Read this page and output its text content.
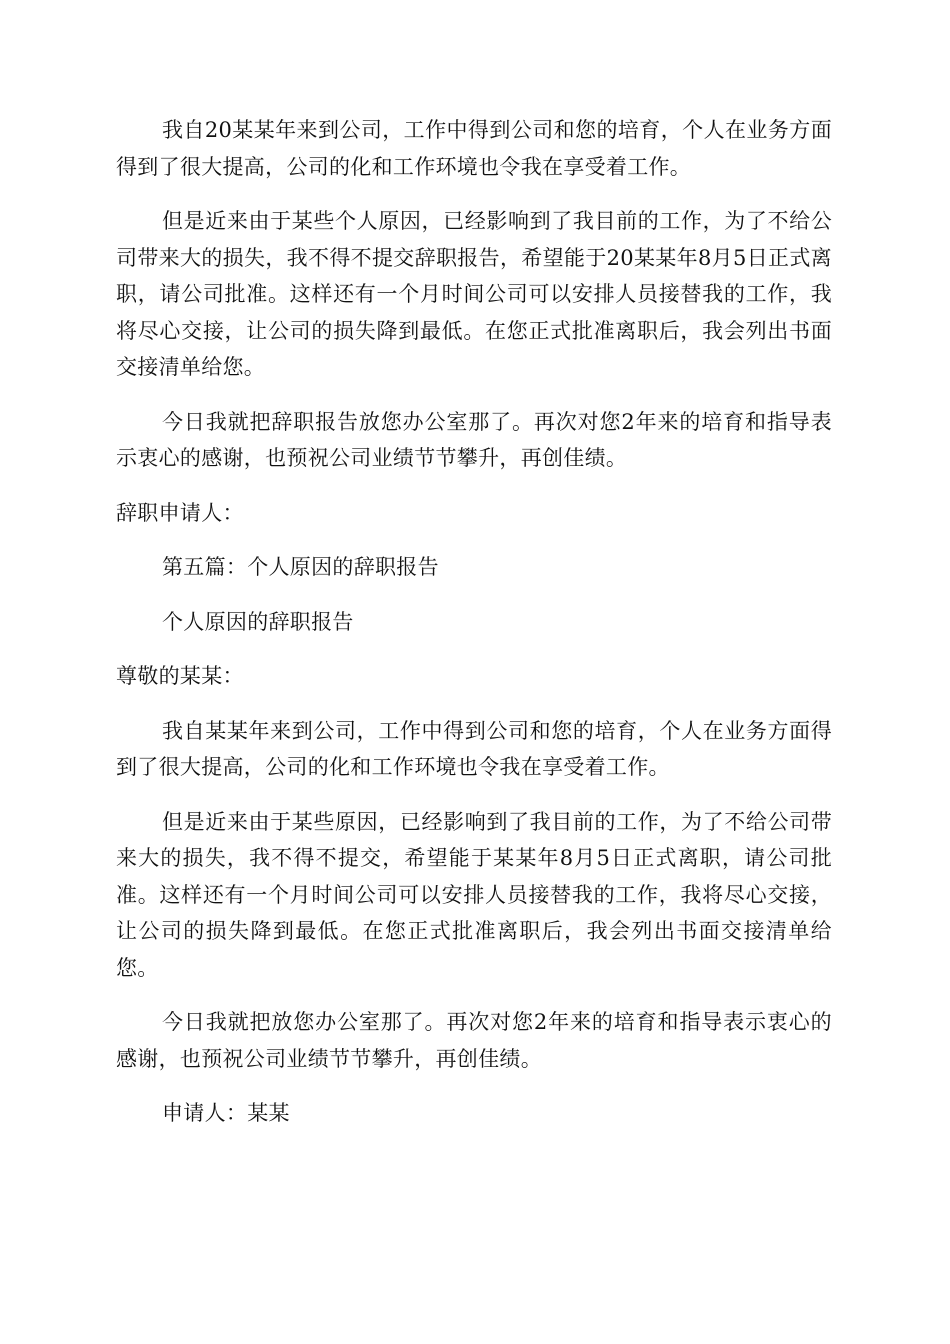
我自20某某年来到公司，工作中得到公司和您的培育，个人在业务方面得到了很大提高，公司的化和工作环境也令我在享受着工作。

但是近来由于某些个人原因，已经影响到了我目前的工作，为了不给公司带来大的损失，我不得不提交辞职报告，希望能于20某某年8月5日正式离职，请公司批准。这样还有一个月时间公司可以安排人员接替我的工作，我将尽心交接，让公司的损失降到最低。在您正式批准离职后，我会列出书面交接清单给您。

今日我就把辞职报告放您办公室那了。再次对您2年来的培育和指导表示衷心的感谢，也预祝公司业绩节节攀升，再创佳绩。

辞职申请人：

第五篇：个人原因的辞职报告

个人原因的辞职报告

尊敬的某某：

我自某某年来到公司，工作中得到公司和您的培育，个人在业务方面得到了很大提高，公司的化和工作环境也令我在享受着工作。

但是近来由于某些原因，已经影响到了我目前的工作，为了不给公司带来大的损失，我不得不提交，希望能于某某年8月5日正式离职，请公司批准。这样还有一个月时间公司可以安排人员接替我的工作，我将尽心交接，让公司的损失降到最低。在您正式批准离职后，我会列出书面交接清单给您。

今日我就把放您办公室那了。再次对您2年来的培育和指导表示衷心的感谢，也预祝公司业绩节节攀升，再创佳绩。

申请人：某某
